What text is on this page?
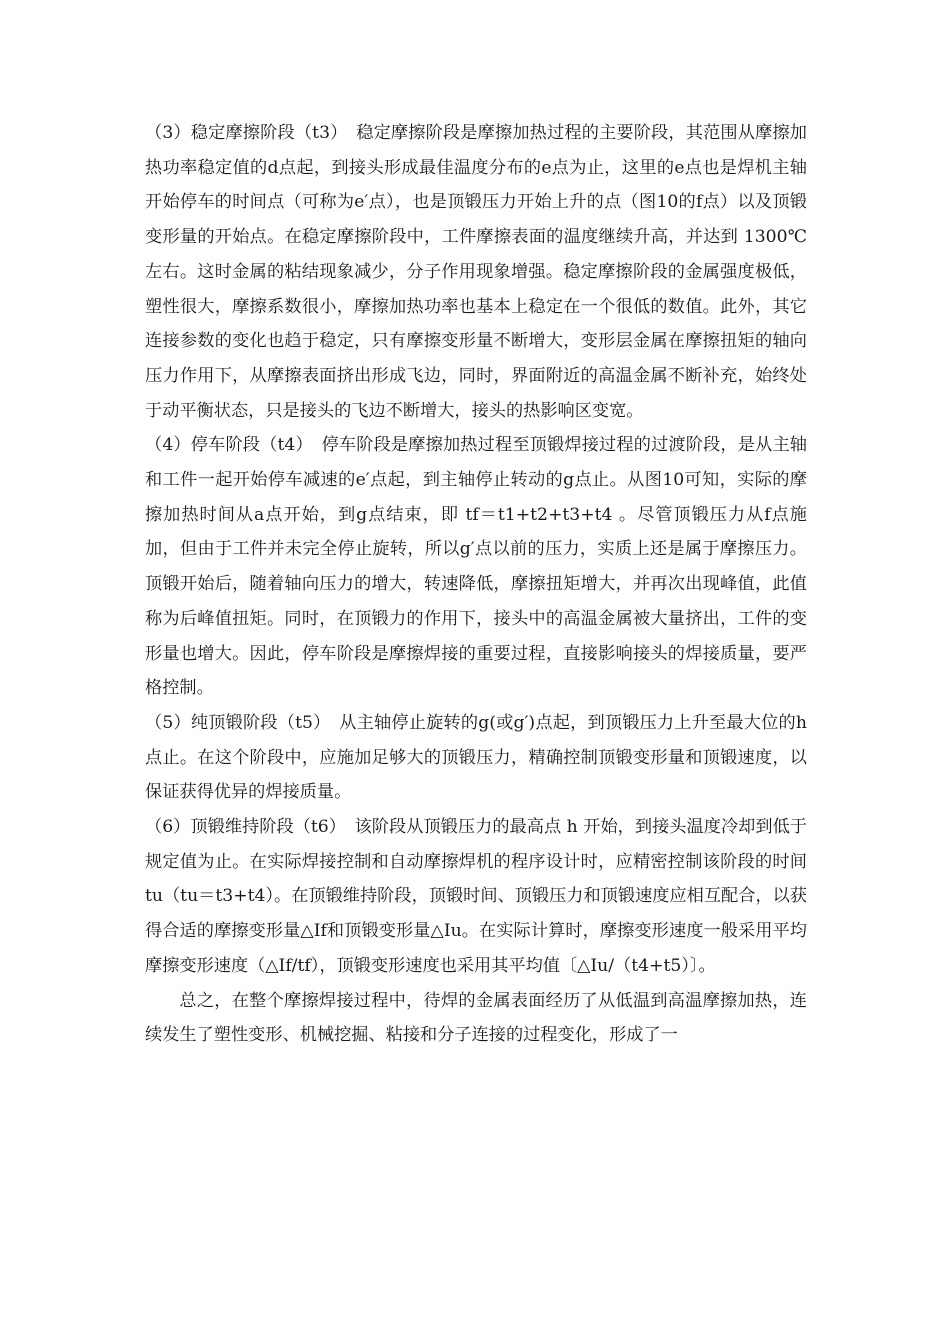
（3）稳定摩擦阶段（t3）　稳定摩擦阶段是摩擦加热过程的主要阶段，其范围从摩擦加热功率稳定值的d点起，到接头形成最佳温度分布的e点为止，这里的e点也是焊机主轴开始停车的时间点（可称为e′点），也是顶锻压力开始上升的点（图10的f点）以及顶锻变形量的开始点。在稳定摩擦阶段中，工件摩擦表面的温度继续升高，并达到 1300℃左右。这时金属的粘结现象减少，分子作用现象增强。稳定摩擦阶段的金属强度极低，塑性很大，摩擦系数很小，摩擦加热功率也基本上稳定在一个很低的数值。此外，其它连接参数的变化也趋于稳定，只有摩擦变形量不断增大，变形层金属在摩擦扭矩的轴向压力作用下，从摩擦表面挤出形成飞边，同时，界面附近的高温金属不断补充，始终处于动平衡状态，只是接头的飞边不断增大，接头的热影响区变宽。

（4）停车阶段（t4）　停车阶段是摩擦加热过程至顶锻焊接过程的过渡阶段，是从主轴和工件一起开始停车减速的e′点起，到主轴停止转动的g点止。从图10可知，实际的摩擦加热时间从a点开始，到g点结束，即 tf＝t1+t2+t3+t4 。尽管顶锻压力从f点施加，但由于工件并未完全停止旋转，所以g′点以前的压力，实质上还是属于摩擦压力。顶锻开始后，随着轴向压力的增大，转速降低，摩擦扭矩增大，并再次出现峰值，此值称为后峰值扭矩。同时，在顶锻力的作用下，接头中的高温金属被大量挤出，工件的变形量也增大。因此，停车阶段是摩擦焊接的重要过程，直接影响接头的焊接质量，要严格控制。

（5）纯顶锻阶段（t5）　从主轴停止旋转的g(或g′)点起，到顶锻压力上升至最大位的h点止。在这个阶段中，应施加足够大的顶锻压力，精确控制顶锻变形量和顶锻速度，以保证获得优异的焊接质量。

（6）顶锻维持阶段（t6）　该阶段从顶锻压力的最高点 h 开始，到接头温度冷却到低于规定值为止。在实际焊接控制和自动摩擦焊机的程序设计时，应精密控制该阶段的时间 tu（tu＝t3+t4）。在顶锻维持阶段，顶锻时间、顶锻压力和顶锻速度应相互配合，以获得合适的摩擦变形量△If和顶锻变形量△Iu。在实际计算时，摩擦变形速度一般采用平均摩擦变形速度（△If/tf），顶锻变形速度也采用其平均值〔△Iu/（t4+t5）〕。

总之，在整个摩擦焊接过程中，待焊的金属表面经历了从低温到高温摩擦加热，连续发生了塑性变形、机械挖掘、粘接和分子连接的过程变化，形成了一
